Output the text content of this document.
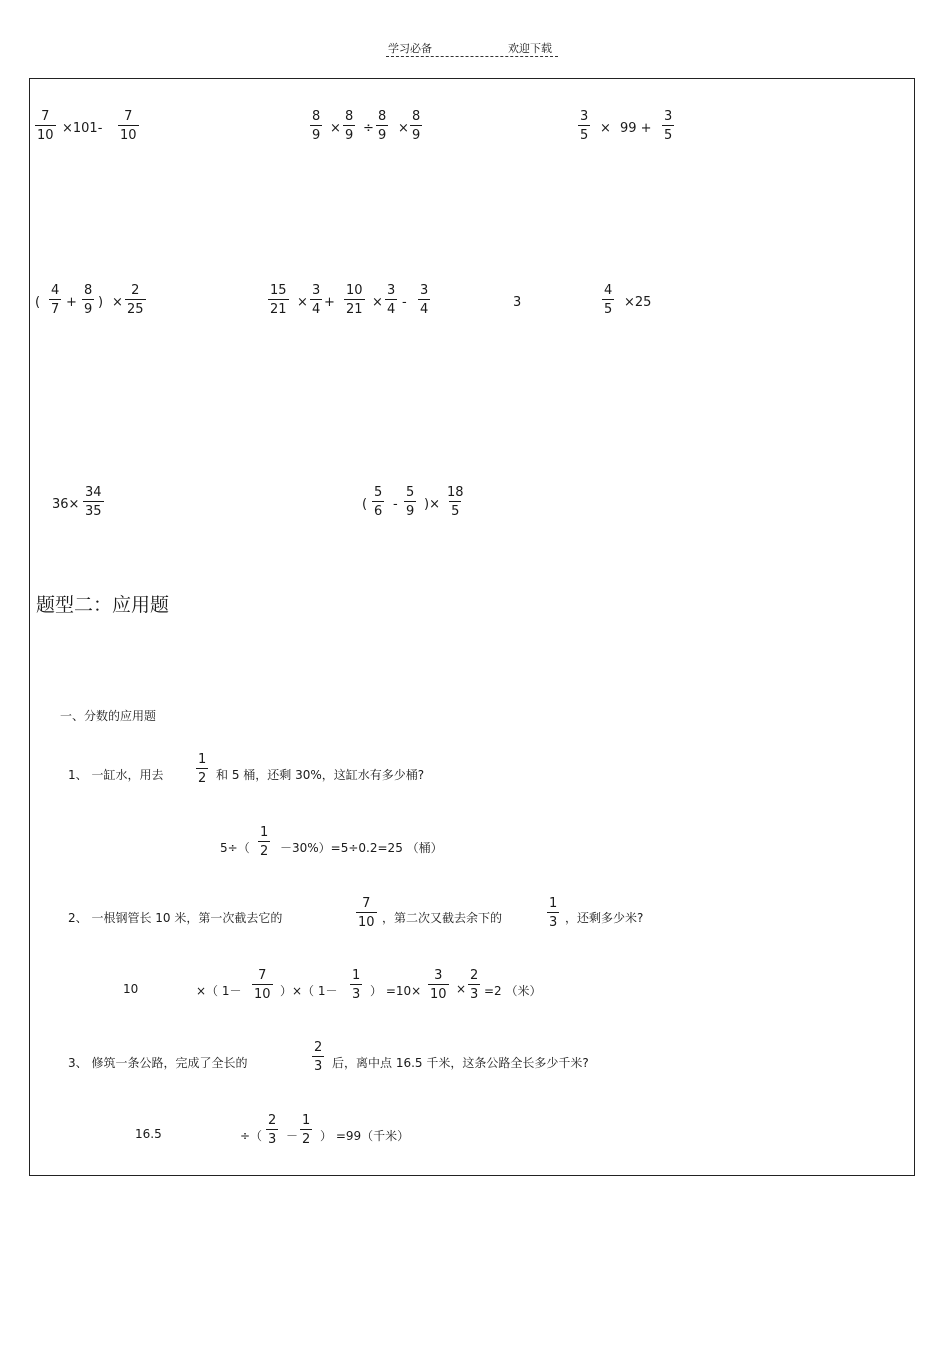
学习必备	欢迎下载
$\frac{7}{10} \times 101- \frac{7}{10}$	$\frac{8}{9} \times \frac{8}{9} \div \frac{8}{9} \times \frac{8}{9}$	$\frac{3}{5} \times 99 + \frac{3}{5}$
( $\frac{4}{7} + \frac{8}{9}$ ) × $\frac{2}{25}$	$\frac{15}{21} \times \frac{3}{4} + \frac{10}{21} \times \frac{3}{4} - \frac{3}{4}$	3	$\frac{4}{5} \times 25$
$36\times \frac{34}{35}$	( $\frac{5}{6} - \frac{5}{9}$ )× $\frac{18}{5}$
题型二：应用题
一、分数的应用题
1、 一缸水，用去	$\frac{1}{2}$ 和 5 桶，还剩 30%，这缸水有多少桶?
$5\div( \frac{1}{2} -30\%)=5\div 0.2=25$ （桶）
2、 一根钢管长 10 米，第一次截去它的	$\frac{7}{10}$ ，第二次又截去余下的	$\frac{1}{3}$ ，还剩多少米?
10	×（ $1- \frac{7}{10}$ ）×（ $1- \frac{1}{3}$ ） $=10\times \frac{3}{10} \times \frac{2}{3} =2$ （米）
3、 修筑一条公路，完成了全长的	$\frac{2}{3}$ 后，离中点 16.5 千米，这条公路全长多少千米?
16.5	÷（ $\frac{2}{3} - \frac{1}{2}$ ） =99（千米）
